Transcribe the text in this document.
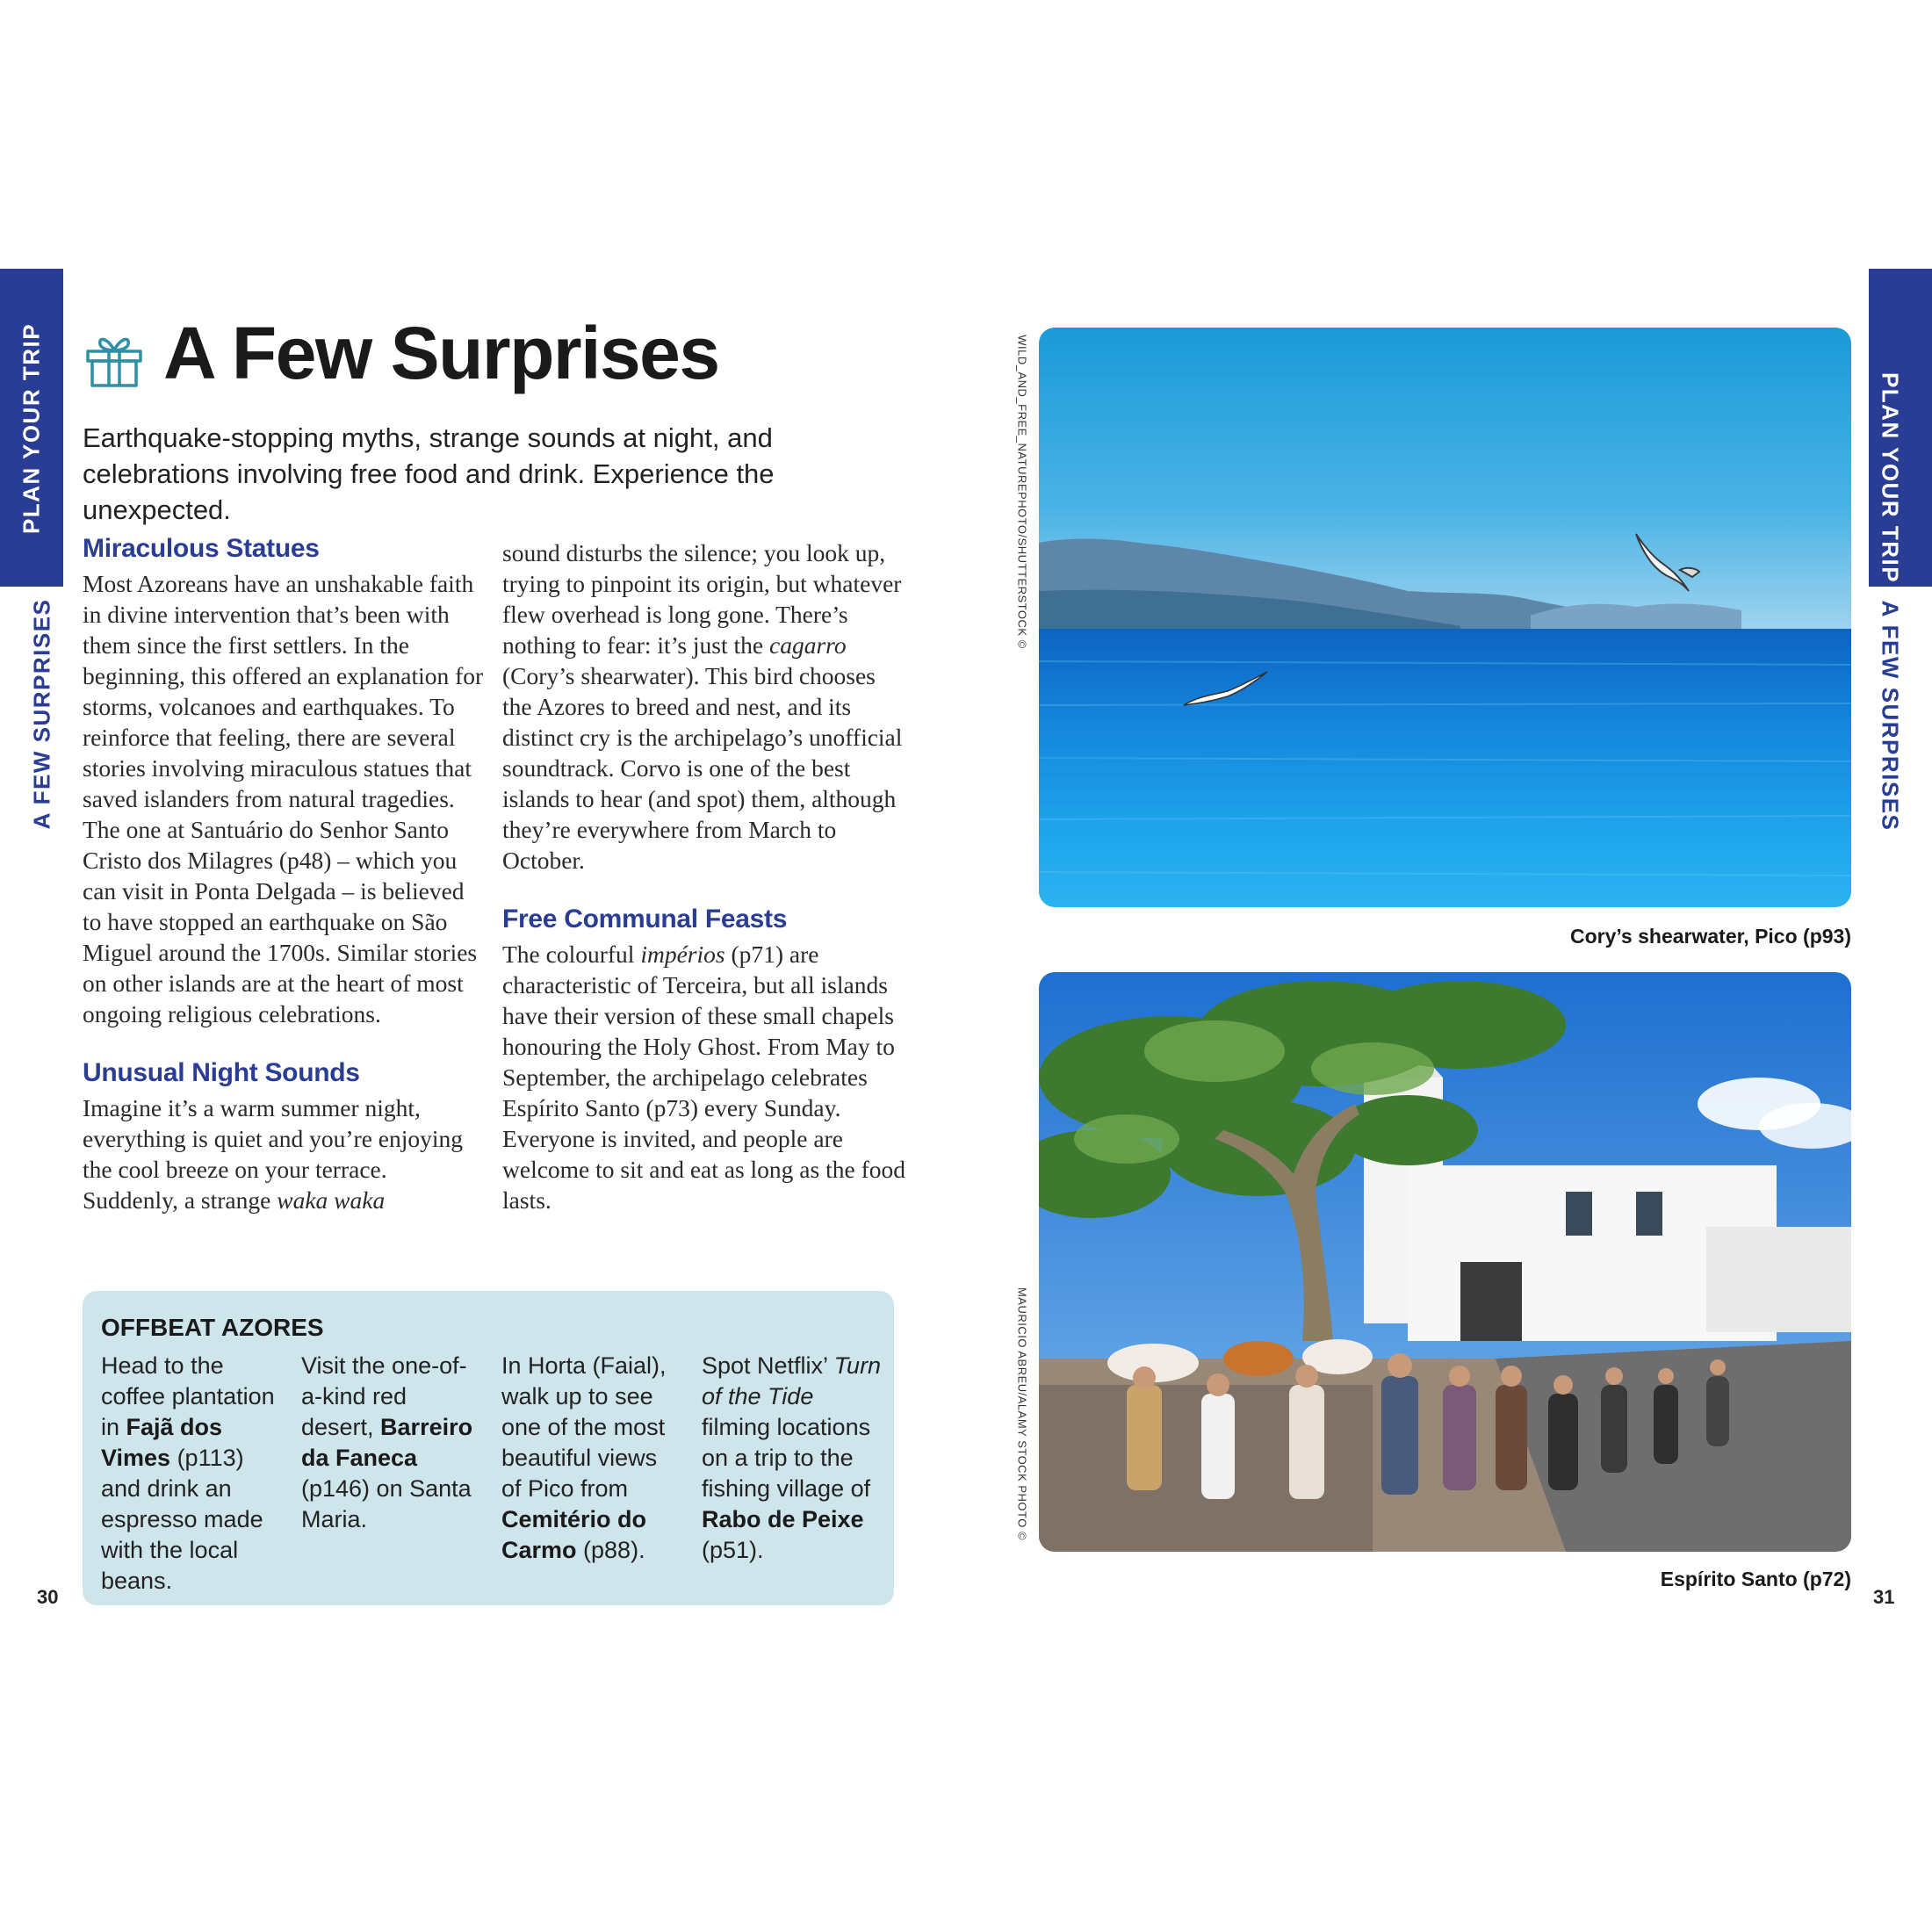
PLAN YOUR TRIP
A FEW SURPRISES
PLAN YOUR TRIP
A FEW SURPRISES
A Few Surprises
Earthquake-stopping myths, strange sounds at night, and celebrations involving free food and drink. Experience the unexpected.
Miraculous Statues

Most Azoreans have an unshakable faith in divine intervention that’s been with them since the first settlers. In the beginning, this offered an explanation for storms, volcanoes and earthquakes. To reinforce that feeling, there are several stories involving miraculous statues that saved islanders from natural tragedies. The one at Santuário do Senhor Santo Cristo dos Milagres (p48) – which you can visit in Ponta Delgada – is believed to have stopped an earthquake on São Miguel around the 1700s. Similar stories on other islands are at the heart of most ongoing religious celebrations.

Unusual Night Sounds

Imagine it’s a warm summer night, everything is quiet and you’re enjoying the cool breeze on your terrace. Suddenly, a strange waka waka

sound disturbs the silence; you look up, trying to pinpoint its origin, but whatever flew overhead is long gone. There’s nothing to fear: it’s just the cagarro (Cory’s shearwater). This bird chooses the Azores to breed and nest, and its distinct cry is the archipelago’s unofficial soundtrack. Corvo is one of the best islands to hear (and spot) them, although they’re everywhere from March to October.

Free Communal Feasts

The colourful impérios (p71) are characteristic of Terceira, but all islands have their version of these small chapels honouring the Holy Ghost. From May to September, the archipelago celebrates Espírito Santo (p73) every Sunday. Everyone is invited, and people are welcome to sit and eat as long as the food lasts.

OFFBEAT AZORES
Head to the coffee plantation in Fajã dos Vimes (p113) and drink an espresso made with the local beans.
Visit the one-of-a-kind red desert, Barreiro da Faneca (p146) on Santa Maria.
In Horta (Faial), walk up to see one of the most beautiful views of Pico from Cemitério do Carmo (p88).
Spot Netflix’ Turn of the Tide filming locations on a trip to the fishing village of Rabo de Peixe (p51).
30	31
WILD_AND_FREE_NATUREPHOTO/SHUTTERSTOCK ©
Cory’s shearwater, Pico (p93)
MAURICIO ABREU/ALAMY STOCK PHOTO ©
Espírito Santo (p72)
